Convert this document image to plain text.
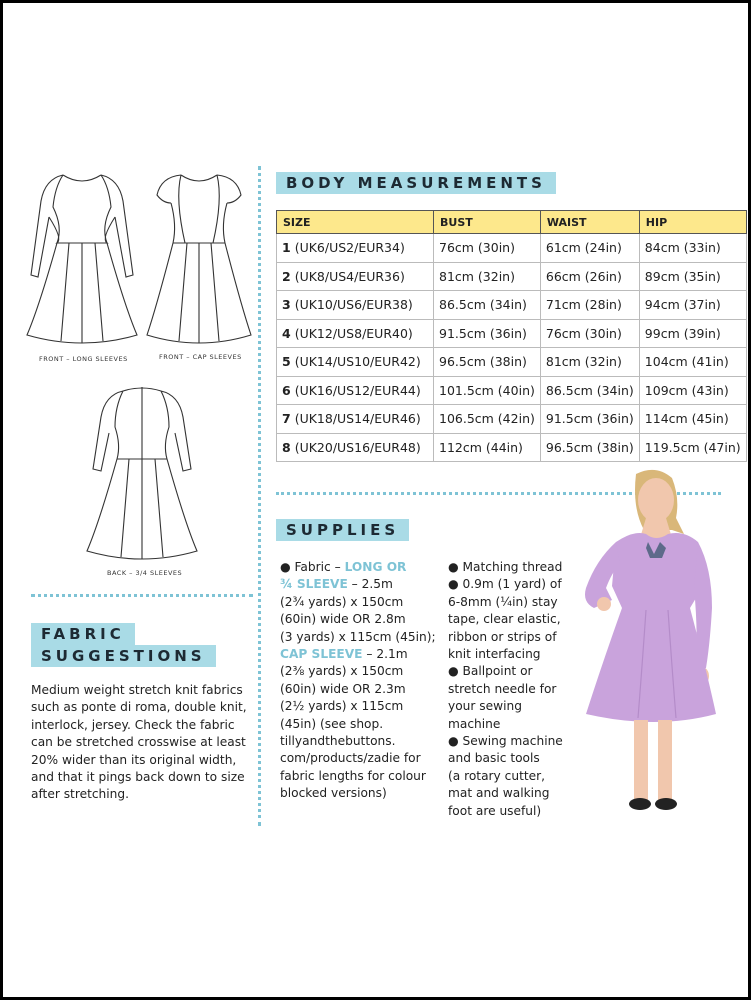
FRONT – LONG SLEEVES	FRONT – CAP SLEEVES
BACK – 3/4 SLEEVES
BODY MEASUREMENTS
SIZE	BUST	WAIST	HIP
1 (UK6/US2/EUR34)	76cm (30in)	61cm (24in)	84cm (33in)
2 (UK8/US4/EUR36)	81cm (32in)	66cm (26in)	89cm (35in)
3 (UK10/US6/EUR38)	86.5cm (34in)	71cm (28in)	94cm (37in)
4 (UK12/US8/EUR40)	91.5cm (36in)	76cm (30in)	99cm (39in)
5 (UK14/US10/EUR42)	96.5cm (38in)	81cm (32in)	104cm (41in)
6 (UK16/US12/EUR44)	101.5cm (40in)	86.5cm (34in)	109cm (43in)
7 (UK18/US14/EUR46)	106.5cm (42in)	91.5cm (36in)	114cm (45in)
8 (UK20/US16/EUR48)	112cm (44in)	96.5cm (38in)	119.5cm (47in)
FABRIC
SUGGESTIONS
Medium weight stretch knit fabrics
such as ponte di roma, double knit,
interlock, jersey. Check the fabric
can be stretched crosswise at least
20% wider than its original width,
and that it pings back down to size
after stretching.
SUPPLIES
● Fabric – LONG OR
¾ SLEEVE – 2.5m
(2¾ yards) x 150cm
(60in) wide OR 2.8m
(3 yards) x 115cm (45in);
CAP SLEEVE – 2.1m
(2⅜ yards) x 150cm
(60in) wide OR 2.3m
(2½ yards) x 115cm
(45in) (see shop.
tillyandthebuttons.
com/products/zadie for
fabric lengths for colour
blocked versions)
● Matching thread
● 0.9m (1 yard) of
6-8mm (¼in) stay
tape, clear elastic,
ribbon or strips of
knit interfacing
● Ballpoint or
stretch needle for
your sewing machine
● Sewing machine
and basic tools
(a rotary cutter,
mat and walking
foot are useful)
